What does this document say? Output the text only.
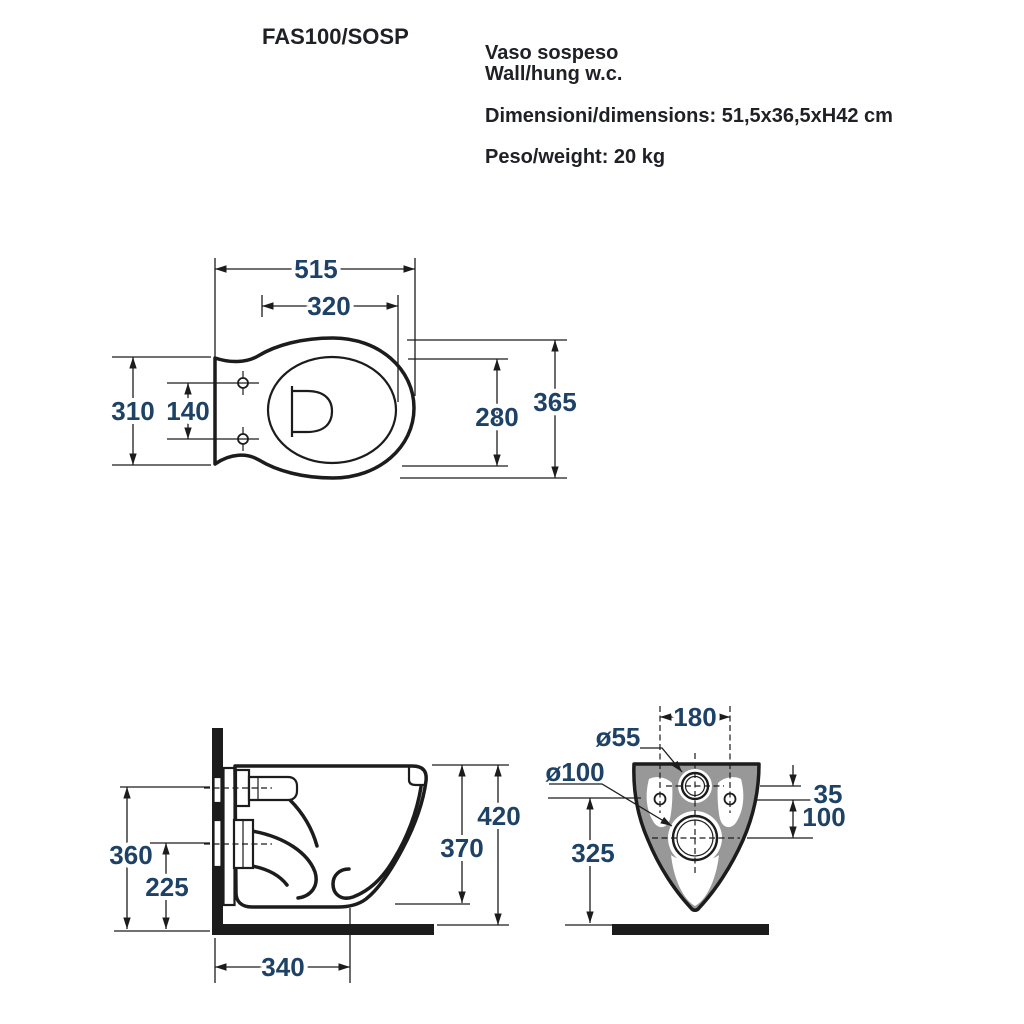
FAS100/SOSP
Vaso sospeso
Wall/hung w.c.
Dimensioni/dimensions: 51,5x36,5xH42 cm
Peso/weight: 20 kg
515
320
310 140	280 365
360
225
420
370
340
180
ø55
ø100
35
100
325
